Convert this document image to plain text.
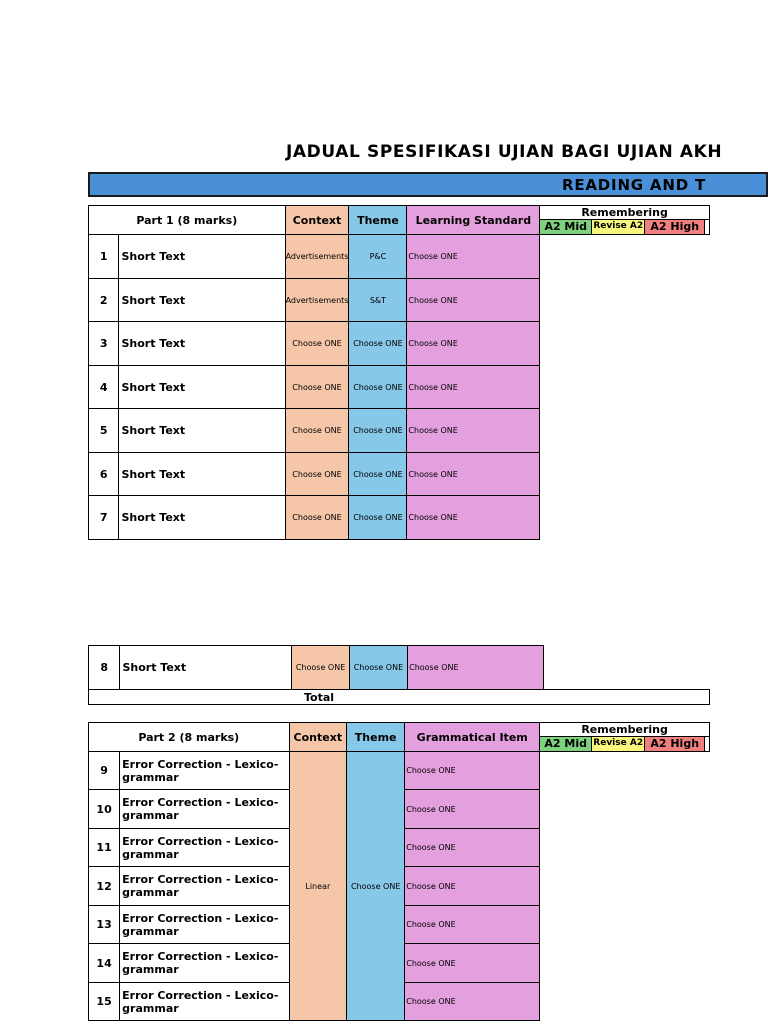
JADUAL SPESIFIKASI UJIAN BAGI UJIAN AKH
READING AND T
Part 1 (8 marks)		Context	Theme	Learning Standard	Remembering
A2 Mid Revise A2 A2 High

1	Short Text	Advertisements	P&C	Choose ONE	
2	Short Text	Advertisements	S&T	Choose ONE	
3	Short Text	Choose ONE	Choose ONE	Choose ONE	
4	Short Text	Choose ONE	Choose ONE	Choose ONE	
5	Short Text	Choose ONE	Choose ONE	Choose ONE	
6	Short Text	Choose ONE	Choose ONE	Choose ONE	
7	Short Text	Choose ONE	Choose ONE	Choose ONE	
8	Short Text	Choose ONE	Choose ONE	Choose ONE	
Total
Part 2 (8 marks)		Context	Theme	Grammatical Item	Remembering
A2 Mid Revise A2 A2 High

9	Error Correction - Lexico-grammar	Linear	Choose ONE	Choose ONE	
10	Error Correction - Lexico-grammar			Choose ONE	
11	Error Correction - Lexico-grammar			Choose ONE	
12	Error Correction - Lexico-grammar			Choose ONE	
13	Error Correction - Lexico-grammar			Choose ONE	
14	Error Correction - Lexico-grammar			Choose ONE	
15	Error Correction - Lexico-grammar			Choose ONE	
